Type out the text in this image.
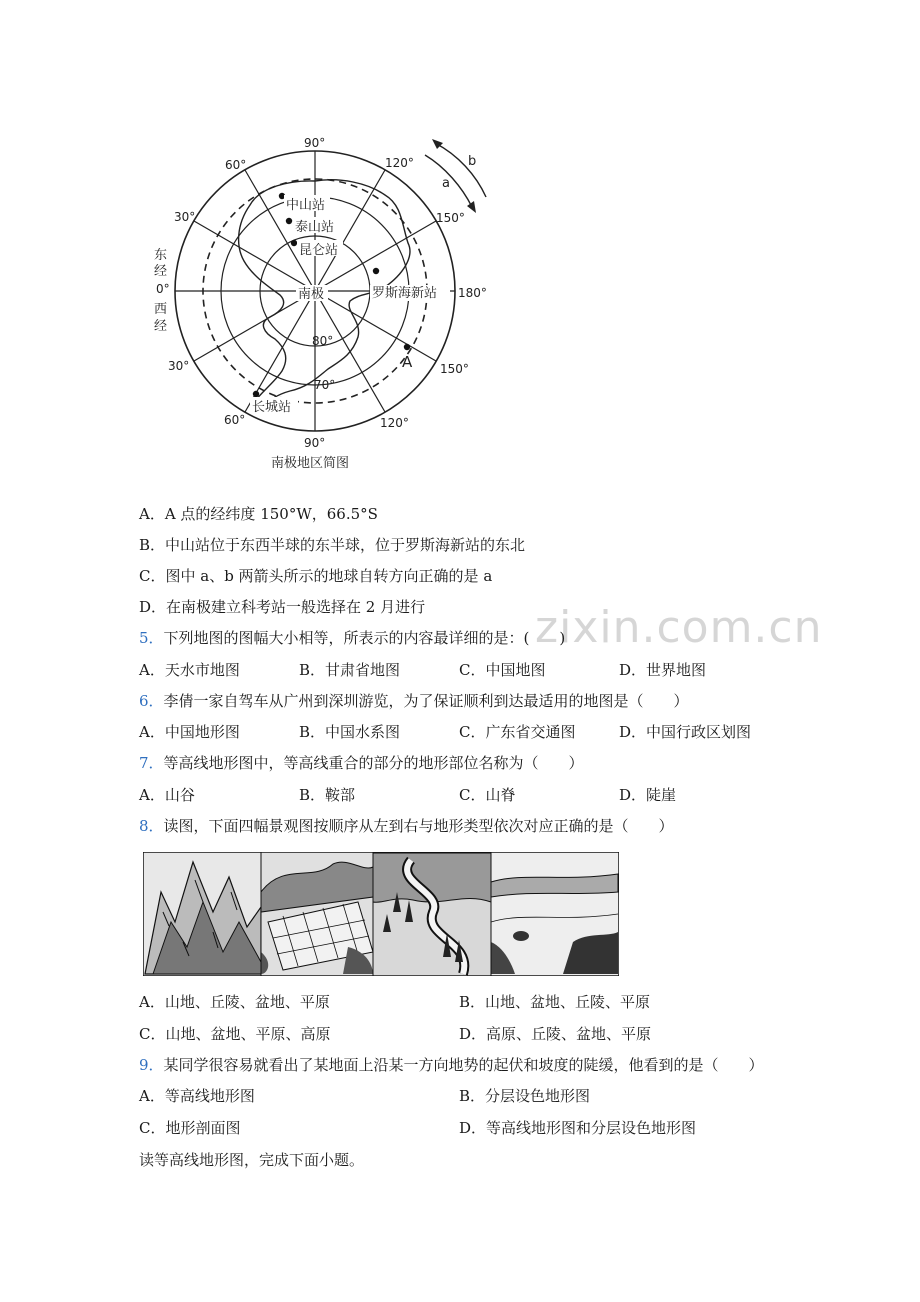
90°
90°
60°	120°
30°	150°
30°	150°
60°	120°
180°
东
经
0°
西
经
80°
70°
中山站
泰山站
昆仑站
南极	罗斯海新站
长城站
A
b
a
南极地区简图
A．A 点的经纬度 150°W，66.5°S
B．中山站位于东西半球的东半球，位于罗斯海新站的东北
C．图中 a、b 两箭头所示的地球自转方向正确的是 a
D．在南极建立科考站一般选择在 2 月进行 zixin.com.cn
5．下列地图的图幅大小相等，所表示的内容最详细的是：(　　)
A．天水市地图	B．甘肃省地图	C．中国地图	D．世界地图
6．李倩一家自驾车从广州到深圳游览，为了保证顺利到达最适用的地图是（　　）
A．中国地形图	B．中国水系图	C．广东省交通图	D．中国行政区划图
7．等高线地形图中，等高线重合的部分的地形部位名称为（　　）
A．山谷	B．鞍部	C．山脊	D．陡崖
8．读图，下面四幅景观图按顺序从左到右与地形类型依次对应正确的是（　　）
A．山地、丘陵、盆地、平原	B．山地、盆地、丘陵、平原
C．山地、盆地、平原、高原	D．高原、丘陵、盆地、平原
9．某同学很容易就看出了某地面上沿某一方向地势的起伏和坡度的陡缓，他看到的是（　　）
A．等高线地形图	B．分层设色地形图
C．地形剖面图	D．等高线地形图和分层设色地形图
读等高线地形图，完成下面小题。
